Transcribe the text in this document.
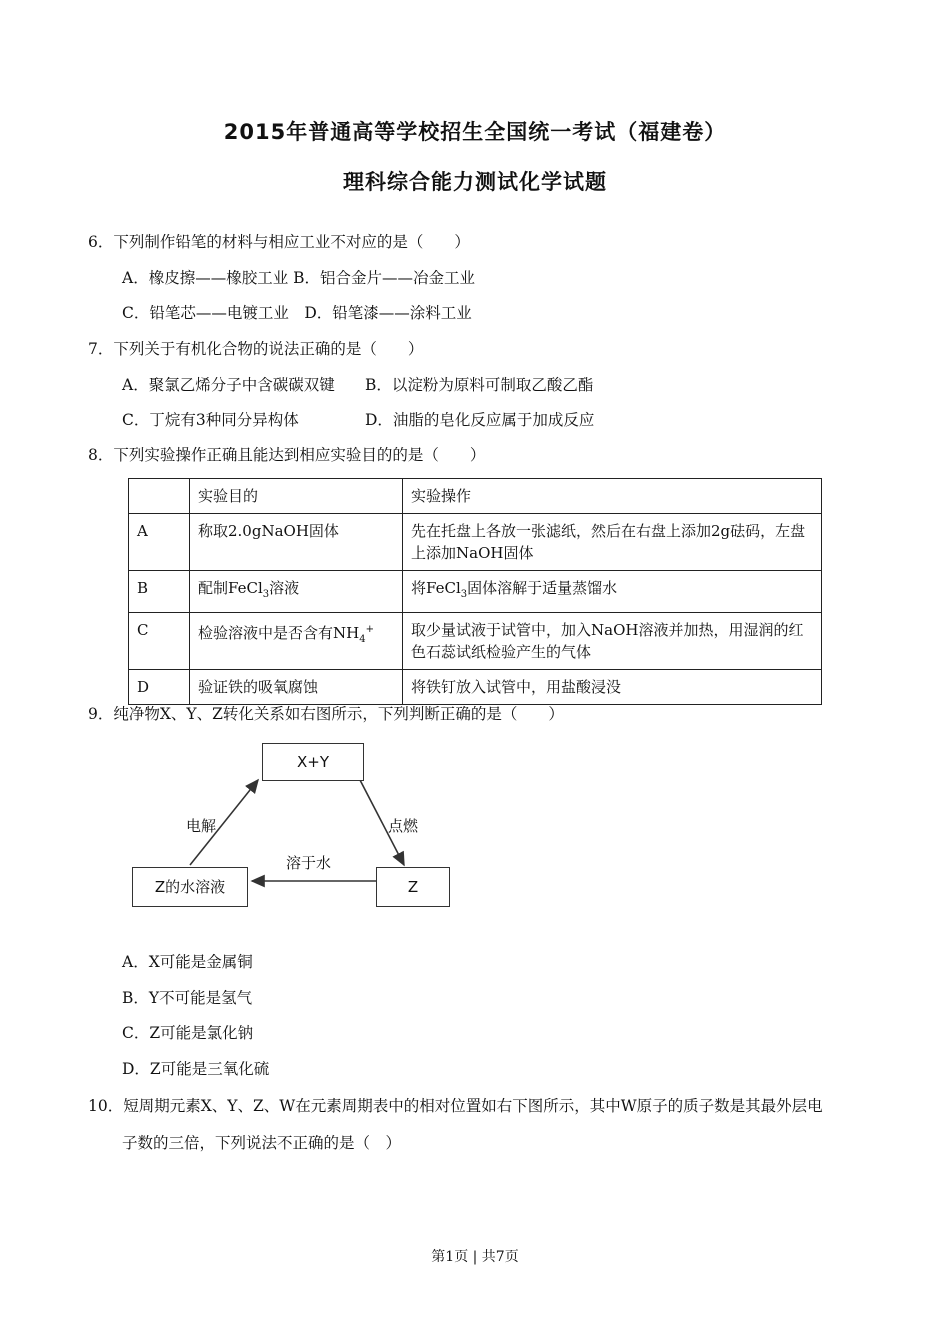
2015年普通高等学校招生全国统一考试（福建卷）
理科综合能力测试化学试题
6．下列制作铅笔的材料与相应工业不对应的是（　　）
A．橡皮擦——橡胶工业 B．铝合金片——冶金工业
C．铅笔芯——电镀工业　D．铅笔漆——涂料工业
7．下列关于有机化合物的说法正确的是（　　）
A．聚氯乙烯分子中含碳碳双键 B．以淀粉为原料可制取乙酸乙酯
C．丁烷有3种同分异构体	D．油脂的皂化反应属于加成反应
8．下列实验操作正确且能达到相应实验目的的是（　　）
	实验目的	实验操作
A	称取2.0gNaOH固体	先在托盘上各放一张滤纸，然后在右盘上添加2g砝码，左盘上添加NaOH固体
B	配制FeCl$_3$溶液	将FeCl$_3$固体溶解于适量蒸馏水
C	检验溶液中是否含有$NH_4^+$	取少量试液于试管中，加入NaOH溶液并加热，用湿润的红色石蕊试纸检验产生的气体
D	验证铁的吸氧腐蚀	将铁钉放入试管中，用盐酸浸没
9．纯净物X、Y、Z转化关系如右图所示，下列判断正确的是（　　）
X+Y
Z的水溶液	Z
电解	点燃
溶于水
A．X可能是金属铜
B．Y不可能是氢气
C．Z可能是氯化钠
D．Z可能是三氧化硫
10．短周期元素X、Y、Z、W在元素周期表中的相对位置如右下图所示，其中W原子的质子数是其最外层电
子数的三倍，下列说法不正确的是（　）
第1页 | 共7页
